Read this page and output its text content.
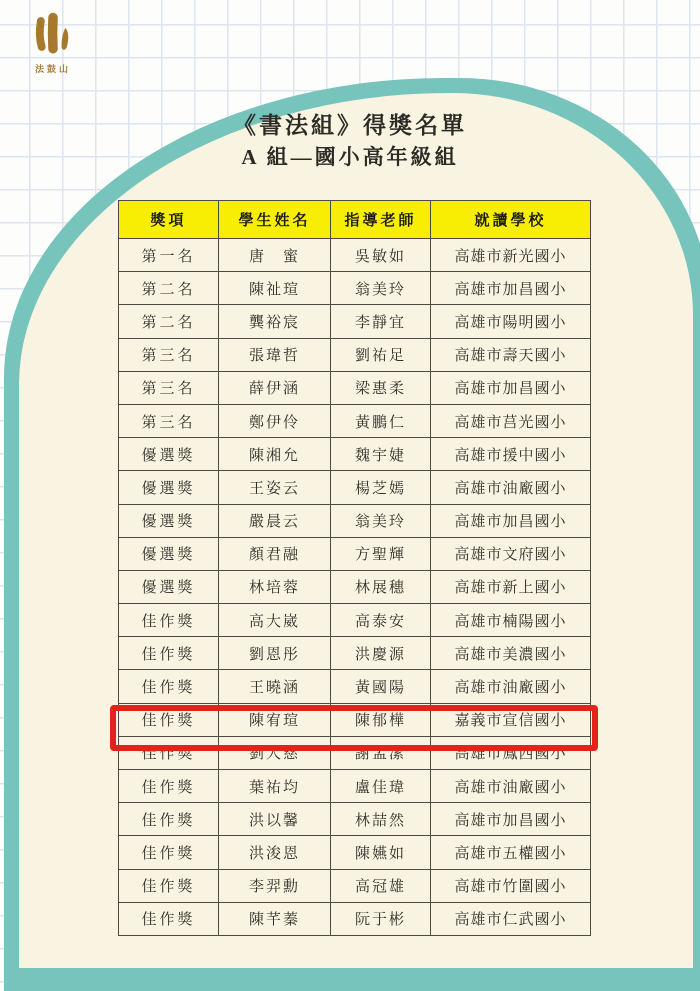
法鼓山

《書法組》得獎名單

A 組—國小高年級組

獎項	學生姓名	指導老師	就讀學校
第一名	唐　蜜	吳敏如	高雄市新光國小
第二名	陳祉瑄	翁美玲	高雄市加昌國小
第二名	龔裕宸	李靜宜	高雄市陽明國小
第三名	張瑋哲	劉祐足	高雄市壽天國小
第三名	薛伊涵	梁惠柔	高雄市加昌國小
第三名	鄭伊伶	黃鵬仁	高雄市莒光國小
優選獎	陳湘允	魏宇婕	高雄市援中國小
優選獎	王姿云	楊芝嫣	高雄市油廠國小
優選獎	嚴晨云	翁美玲	高雄市加昌國小
優選獎	顏君融	方聖輝	高雄市文府國小
優選獎	林培蓉	林展穗	高雄市新上國小
佳作獎	高大崴	高泰安	高雄市楠陽國小
佳作獎	劉恩彤	洪慶源	高雄市美濃國小
佳作獎	王曉涵	黃國陽	高雄市油廠國小
佳作獎	陳宥瑄	陳郁樺	嘉義市宣信國小
佳作獎	劉人慈	謝孟潔	高雄市鳳西國小
佳作獎	葉祐均	盧佳瑋	高雄市油廠國小
佳作獎	洪以馨	林喆然	高雄市加昌國小
佳作獎	洪浚恩	陳嬿如	高雄市五權國小
佳作獎	李羿勳	高冠雄	高雄市竹圍國小
佳作獎	陳芊蓁	阮于彬	高雄市仁武國小
